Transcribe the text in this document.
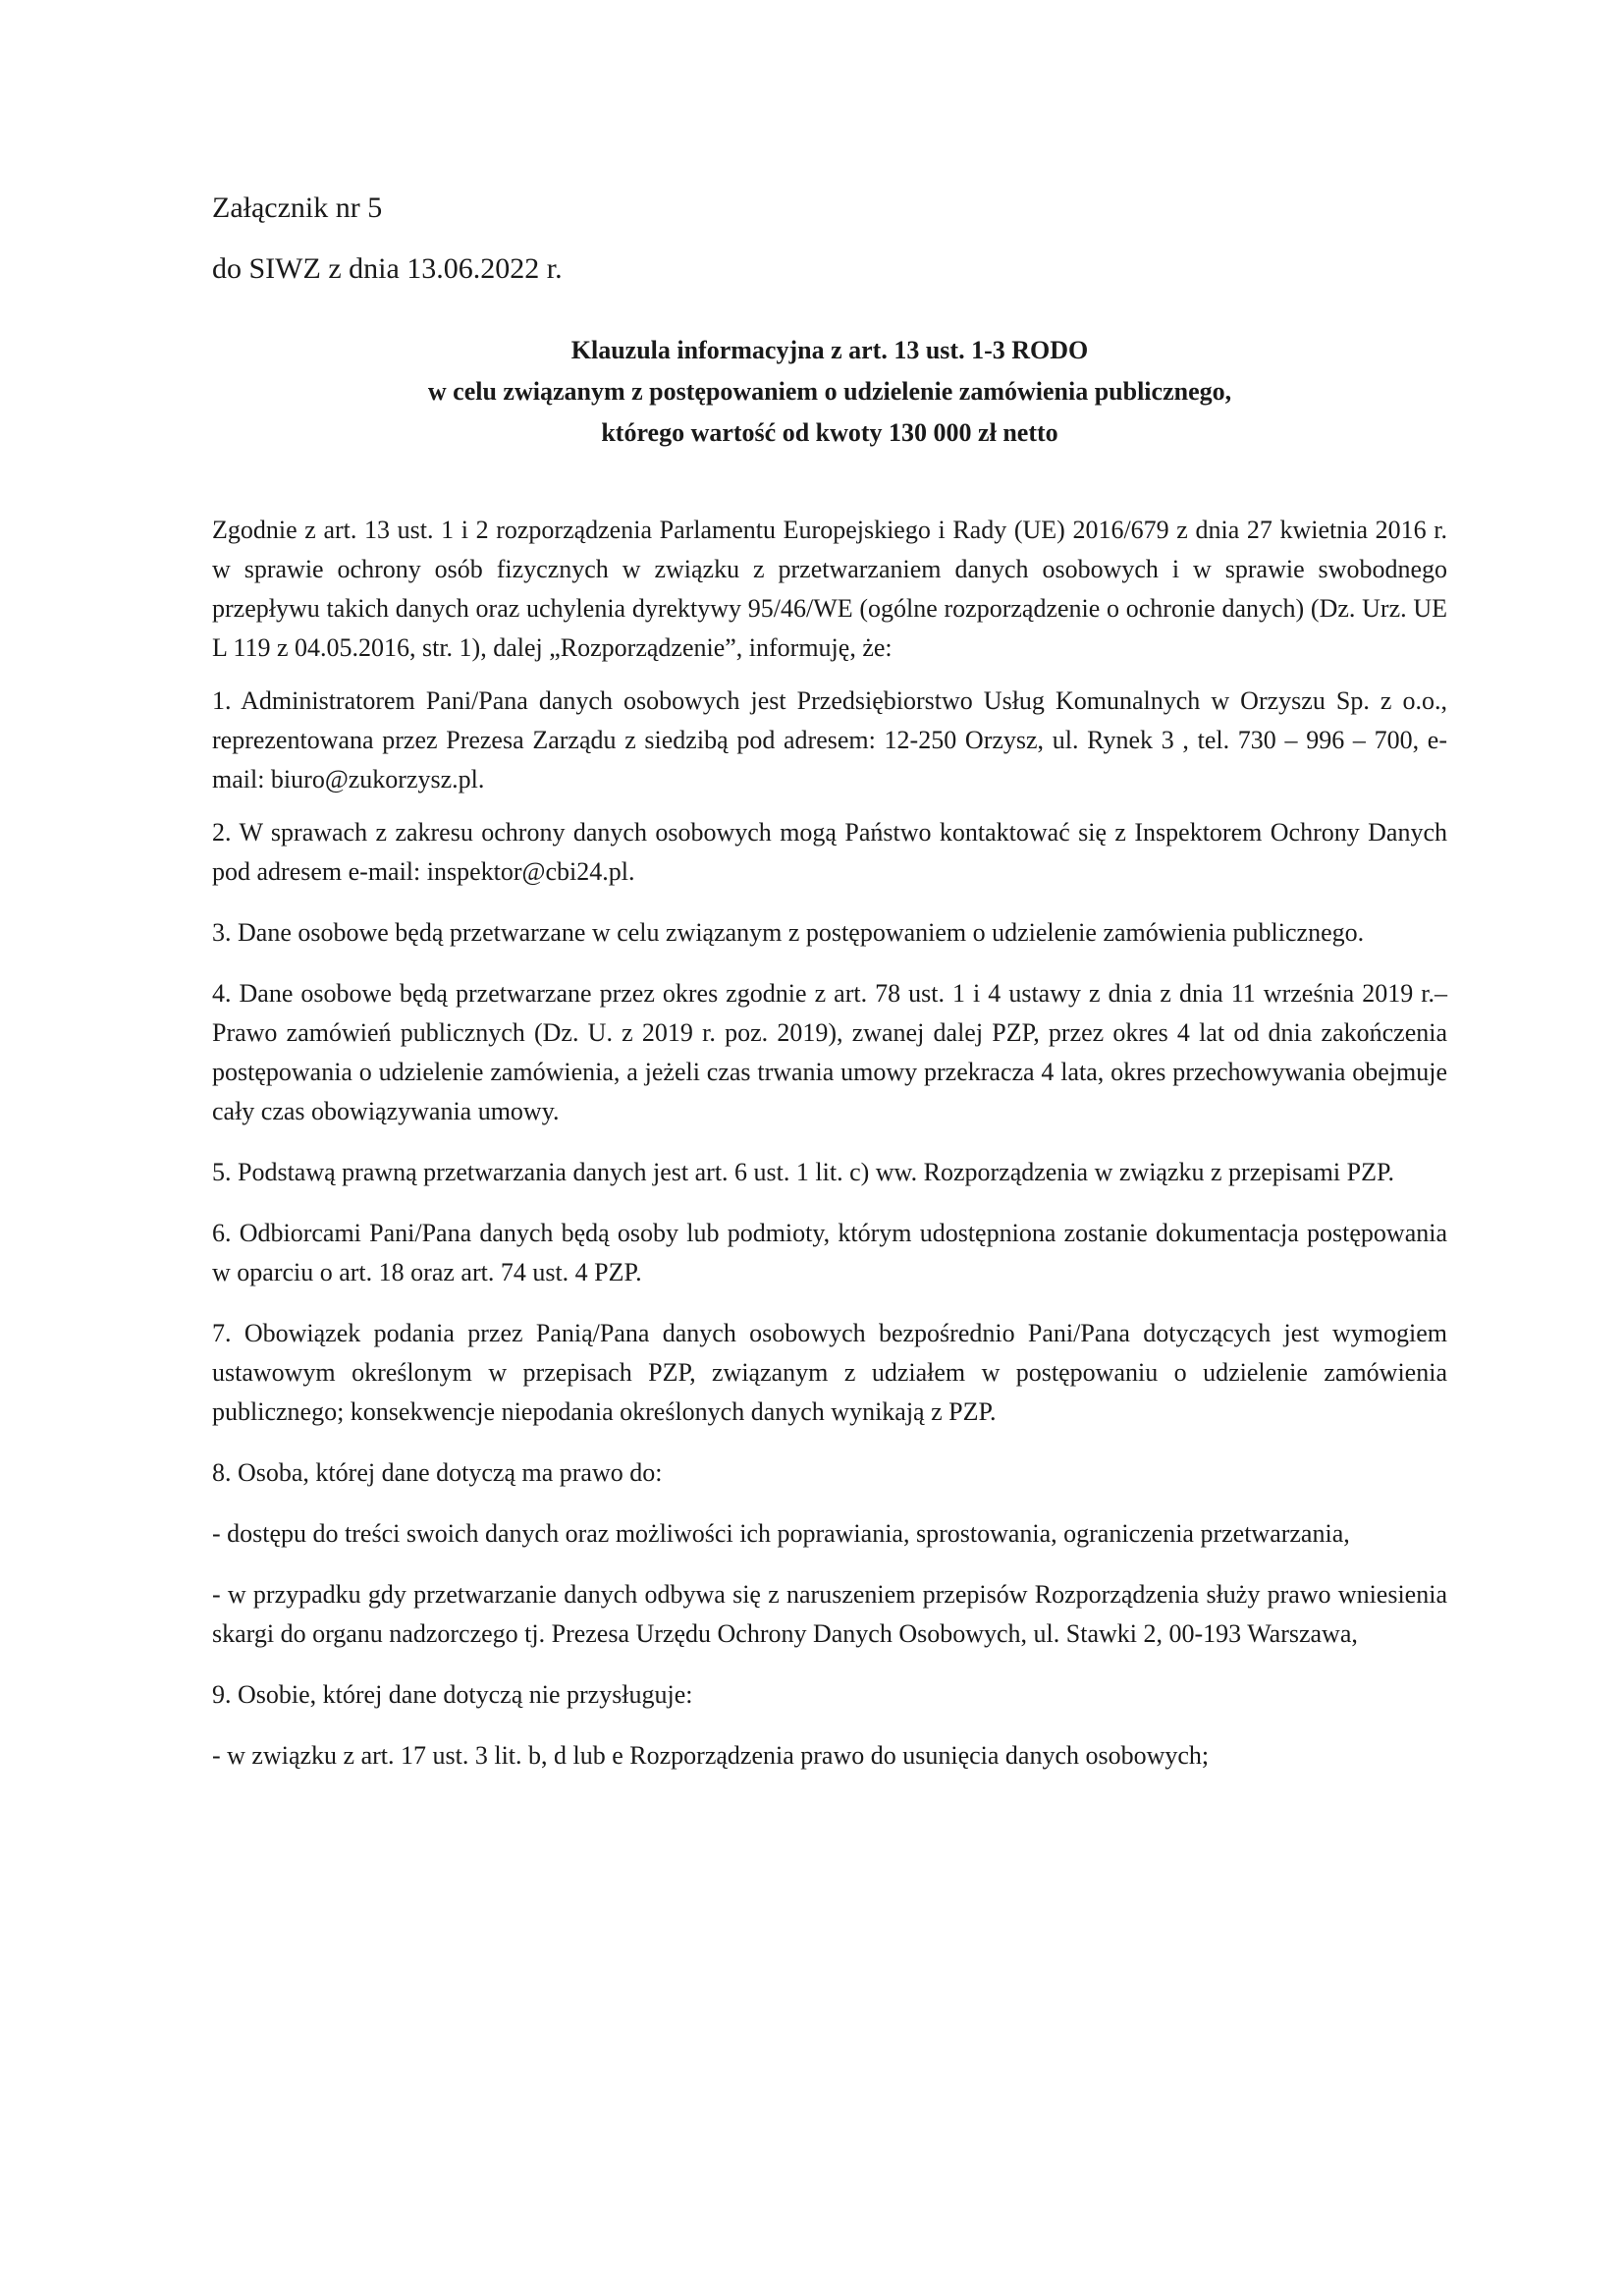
Załącznik nr 5

do SIWZ z dnia 13.06.2022 r.

Klauzula informacyjna z art. 13 ust. 1-3 RODO
w celu związanym z postępowaniem o udzielenie zamówienia publicznego,
którego wartość od kwoty 130 000 zł netto

Zgodnie z art. 13 ust. 1 i 2 rozporządzenia Parlamentu Europejskiego i Rady (UE) 2016/679 z dnia 27 kwietnia 2016 r. w sprawie ochrony osób fizycznych w związku z przetwarzaniem danych osobowych i w sprawie swobodnego przepływu takich danych oraz uchylenia dyrektywy 95/46/WE (ogólne rozporządzenie o ochronie danych) (Dz. Urz. UE L 119 z 04.05.2016, str. 1), dalej „Rozporządzenie”, informuję, że:

1. Administratorem Pani/Pana danych osobowych jest Przedsiębiorstwo Usług Komunalnych w Orzyszu Sp. z o.o., reprezentowana przez Prezesa Zarządu z siedzibą pod adresem: 12-250 Orzysz, ul. Rynek 3 , tel. 730 – 996 – 700, e-mail: biuro@zukorzysz.pl.

2. W sprawach z zakresu ochrony danych osobowych mogą Państwo kontaktować się z Inspektorem Ochrony Danych pod adresem e-mail: inspektor@cbi24.pl.

3. Dane osobowe będą przetwarzane w celu związanym z postępowaniem o udzielenie zamówienia publicznego.

4. Dane osobowe będą przetwarzane przez okres zgodnie z art. 78 ust. 1 i 4 ustawy z dnia z dnia 11 września 2019 r.– Prawo zamówień publicznych (Dz. U. z 2019 r. poz. 2019), zwanej dalej PZP, przez okres 4 lat od dnia zakończenia postępowania o udzielenie zamówienia, a jeżeli czas trwania umowy przekracza 4 lata, okres przechowywania obejmuje cały czas obowiązywania umowy.

5. Podstawą prawną przetwarzania danych jest art. 6 ust. 1 lit. c) ww. Rozporządzenia w związku z przepisami PZP.

6. Odbiorcami Pani/Pana danych będą osoby lub podmioty, którym udostępniona zostanie dokumentacja postępowania w oparciu o art. 18 oraz art. 74 ust. 4 PZP.

7. Obowiązek podania przez Panią/Pana danych osobowych bezpośrednio Pani/Pana dotyczących jest wymogiem ustawowym określonym w przepisach PZP, związanym z udziałem w postępowaniu o udzielenie zamówienia publicznego; konsekwencje niepodania określonych danych wynikają z PZP.

8. Osoba, której dane dotyczą ma prawo do:

- dostępu do treści swoich danych oraz możliwości ich poprawiania, sprostowania, ograniczenia przetwarzania,

- w przypadku gdy przetwarzanie danych odbywa się z naruszeniem przepisów Rozporządzenia służy prawo wniesienia skargi do organu nadzorczego tj. Prezesa Urzędu Ochrony Danych Osobowych, ul. Stawki 2, 00-193 Warszawa,

9. Osobie, której dane dotyczą nie przysługuje:

- w związku z art. 17 ust. 3 lit. b, d lub e Rozporządzenia prawo do usunięcia danych osobowych;
